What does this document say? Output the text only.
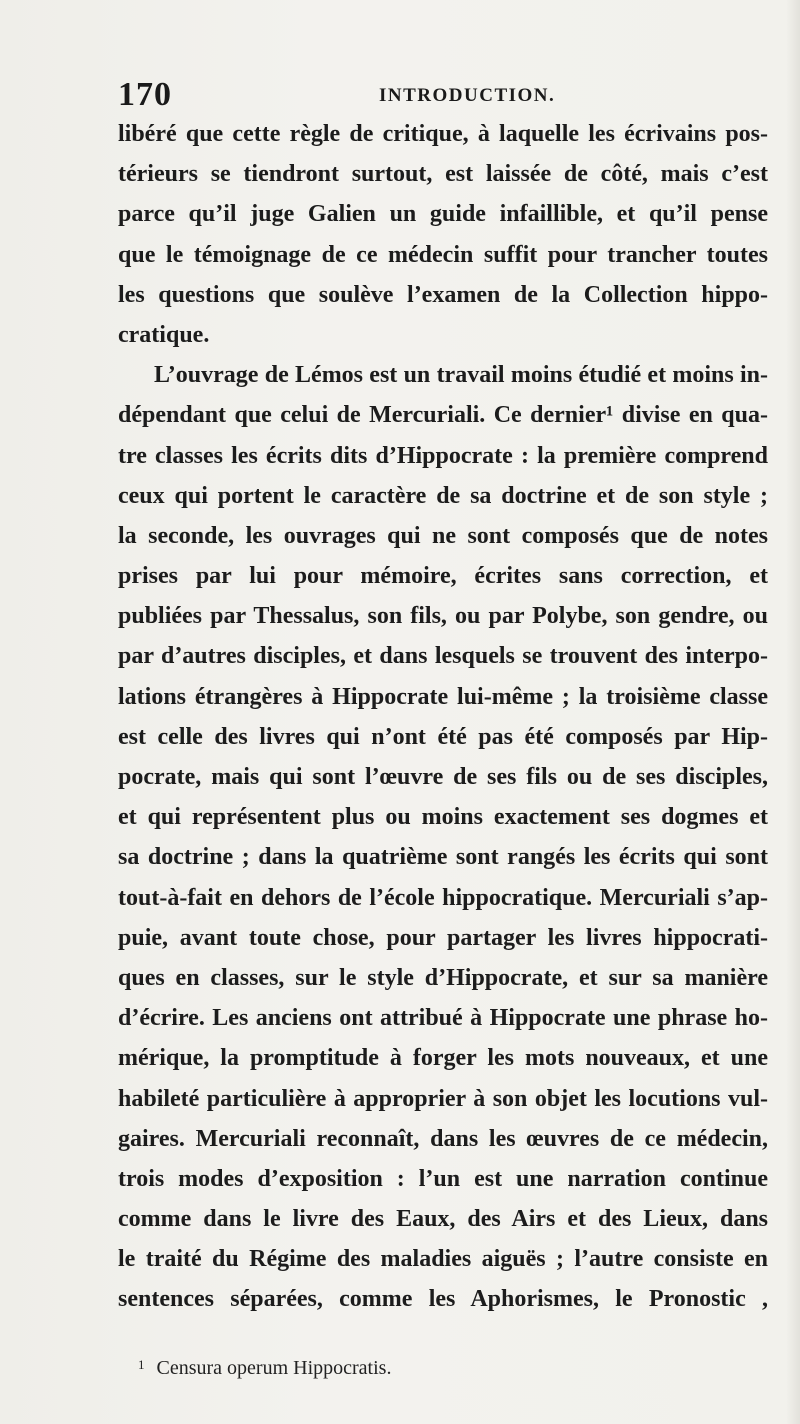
170	INTRODUCTION.
libéré que cette règle de critique, à laquelle les écrivains pos-
térieurs se tiendront surtout, est laissée de côté, mais c’est
parce qu’il juge Galien un guide infaillible, et qu’il pense
que le témoignage de ce médecin suffit pour trancher toutes
les questions que soulève l’examen de la Collection hippo-
cratique.
L’ouvrage de Lémos est un travail moins étudié et moins in-
dépendant que celui de Mercuriali. Ce dernier¹ divise en qua-
tre classes les écrits dits d’Hippocrate : la première comprend
ceux qui portent le caractère de sa doctrine et de son style ;
la seconde, les ouvrages qui ne sont composés que de notes
prises par lui pour mémoire, écrites sans correction, et
publiées par Thessalus, son fils, ou par Polybe, son gendre, ou
par d’autres disciples, et dans lesquels se trouvent des interpo-
lations étrangères à Hippocrate lui-même ; la troisième classe
est celle des livres qui n’ont été pas été composés par Hip-
pocrate, mais qui sont l’œuvre de ses fils ou de ses disciples,
et qui représentent plus ou moins exactement ses dogmes et
sa doctrine ; dans la quatrième sont rangés les écrits qui sont
tout-à-fait en dehors de l’école hippocratique. Mercuriali s’ap-
puie, avant toute chose, pour partager les livres hippocrati-
ques en classes, sur le style d’Hippocrate, et sur sa manière
d’écrire. Les anciens ont attribué à Hippocrate une phrase ho-
mérique, la promptitude à forger les mots nouveaux, et une
habileté particulière à approprier à son objet les locutions vul-
gaires. Mercuriali reconnaît, dans les œuvres de ce médecin,
trois modes d’exposition : l’un est une narration continue
comme dans le livre des Eaux, des Airs et des Lieux, dans
le traité du Régime des maladies aiguës ; l’autre consiste en
sentences séparées, comme les Aphorismes, le Pronostic ,
$^1$ Censura operum Hippocratis.
